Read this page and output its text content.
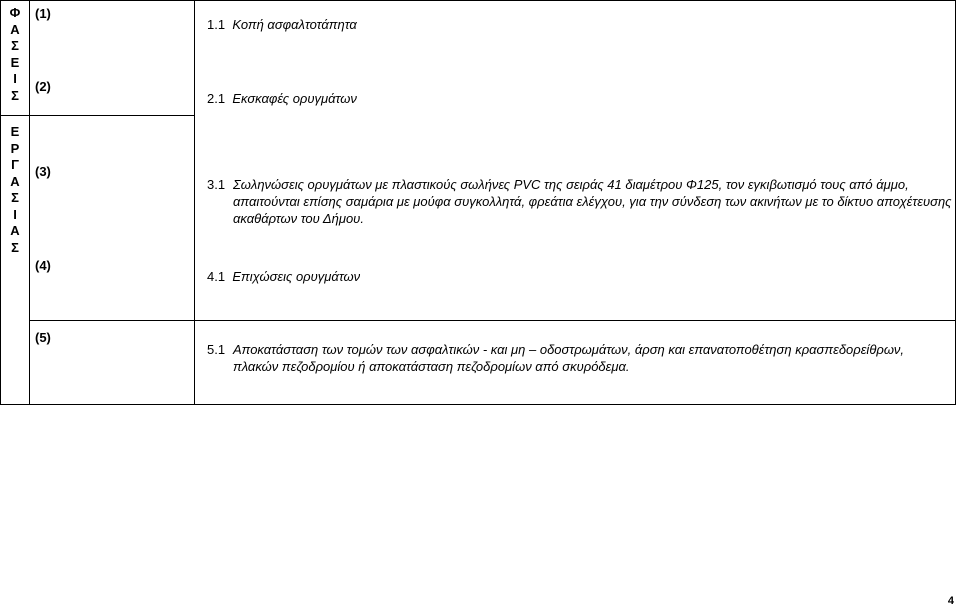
Φ
Α
Σ
Ε
Ι
Σ
Ε
Ρ
Γ
Α
Σ
Ι
Α
Σ
(1)
(2)
(3)
(4)
(5)
1.1 Κοπή ασφαλτοτάπητα
2.1 Εκσκαφές ορυγμάτων
3.1 Σωληνώσεις ορυγμάτων με πλαστικούς σωλήνες PVC της σειράς 41 διαμέτρου Φ125, τον εγκιβωτισμό τους από άμμο, απαιτούνται επίσης σαμάρια με μούφα συγκολλητά, φρεάτια ελέγχου, για την σύνδεση των ακινήτων με το δίκτυο αποχέτευσης ακαθάρτων του Δήμου.
4.1 Επιχώσεις ορυγμάτων
5.1 Αποκατάσταση των τομών των ασφαλτικών - και μη – οδοστρωμάτων, άρση και επανατοποθέτηση κρασπεδορείθρων, πλακών πεζοδρομίου ή αποκατάσταση πεζοδρομίων από σκυρόδεμα.
4
